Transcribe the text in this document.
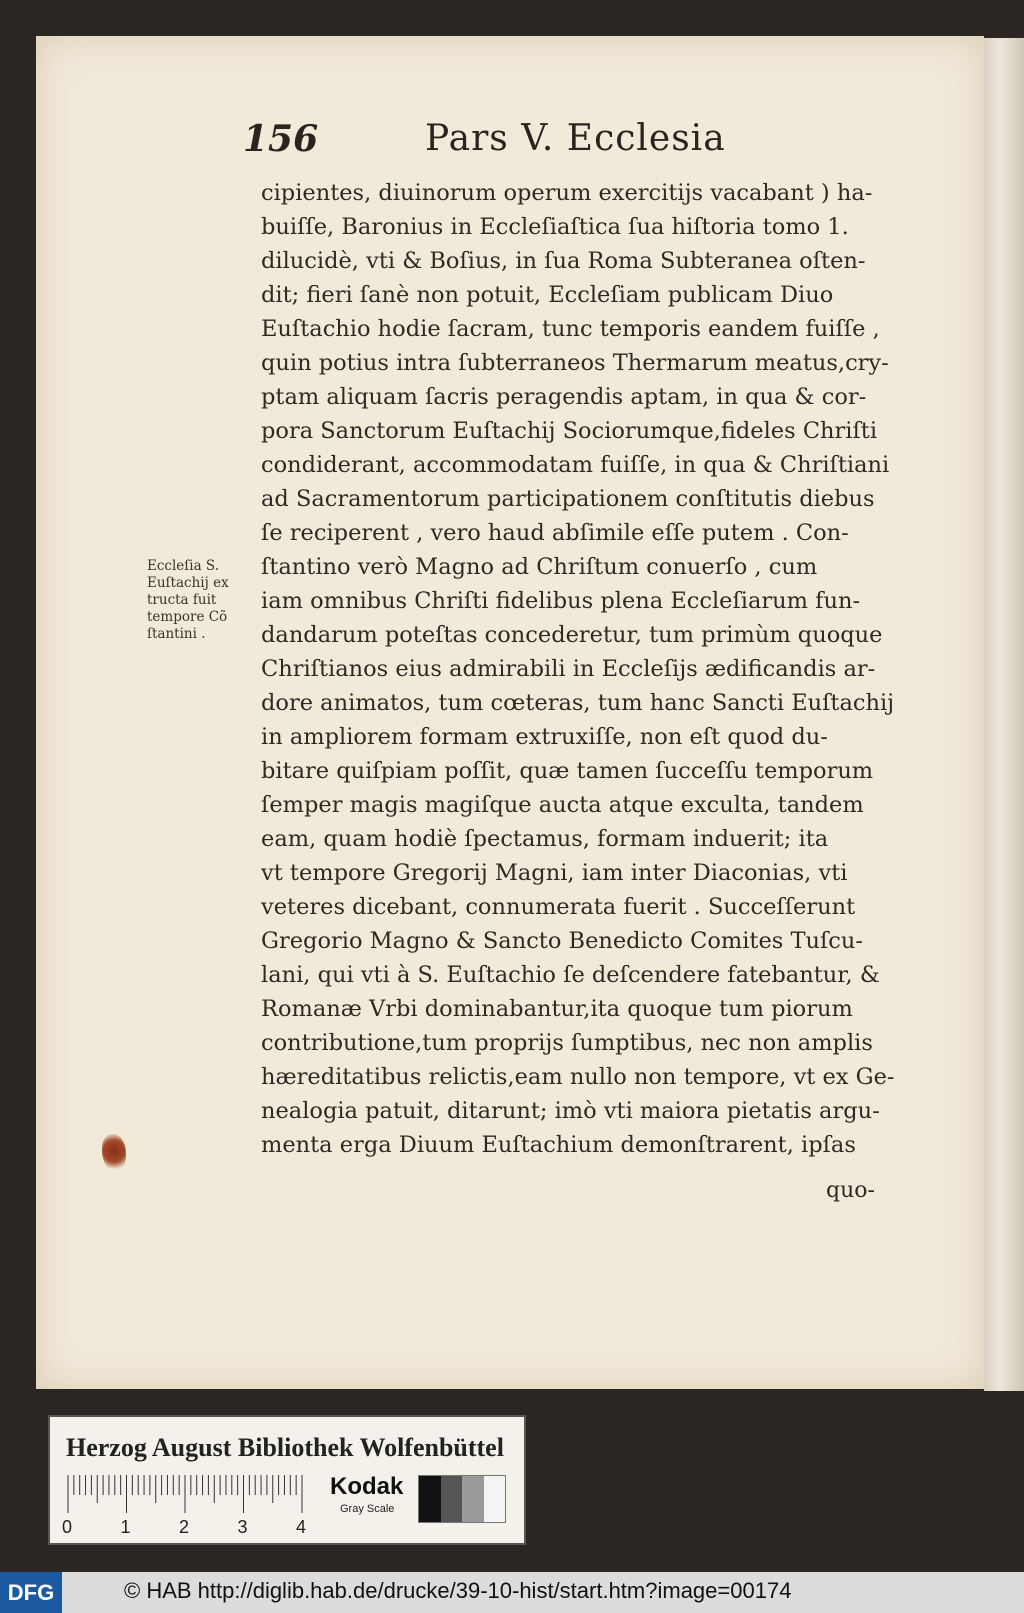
156	Pars V. Ecclesia
cipientes, diuinorum operum exercitijs vacabant ) ha-
buiſſe, Baronius in Eccleſiaſtica ſua hiſtoria tomo 1.
dilucidè, vti & Boſius, in ſua Roma Subteranea oſten-
dit; fieri ſanè non potuit, Eccleſiam publicam Diuo
Euſtachio hodie ſacram, tunc temporis eandem fuiſſe ,
quin potius intra ſubterraneos Thermarum meatus,cry-
ptam aliquam ſacris peragendis aptam, in qua & cor-
pora Sanctorum Euſtachij Sociorumque,fideles Chriſti
condiderant, accommodatam fuiſſe, in qua & Chriſtiani
ad Sacramentorum participationem conſtitutis diebus
ſe reciperent , vero haud abſimile eſſe putem . Con-
ſtantino verò Magno ad Chriſtum conuerſo , cum
iam omnibus Chriſti fidelibus plena Eccleſiarum fun-
dandarum poteſtas concederetur, tum primùm quoque
Chriſtianos eius admirabili in Eccleſijs ædificandis ar-
dore animatos, tum cœteras, tum hanc Sancti Euſtachij
in ampliorem formam extruxiſſe, non eſt quod du-
bitare quiſpiam poſſit, quæ tamen ſucceſſu temporum
ſemper magis magiſque aucta atque exculta, tandem
eam, quam hodiè ſpectamus, formam induerit; ita
vt tempore Gregorij Magni, iam inter Diaconias, vti
veteres dicebant, connumerata fuerit . Succeſſerunt
Gregorio Magno & Sancto Benedicto Comites Tuſcu-
lani, qui vti à S. Euſtachio ſe deſcendere fatebantur, &
Romanæ Vrbi dominabantur,ita quoque tum piorum
contributione,tum proprijs ſumptibus, nec non amplis
hæreditatibus relictis,eam nullo non tempore, vt ex Ge-
nealogia patuit, ditarunt; imò vti maiora pietatis argu-
menta erga Diuum Euſtachium demonſtrarent, ipſas
quo-
Eccleſia S.
Euſtachij ex
tructa fuit
tempore Cõ
ſtantini .
Herzog August Bibliothek Wolfenbüttel
0	1	2	3	4
Kodak
Gray Scale
DFG	© HAB http://diglib.hab.de/drucke/39-10-hist/start.htm?image=00174
